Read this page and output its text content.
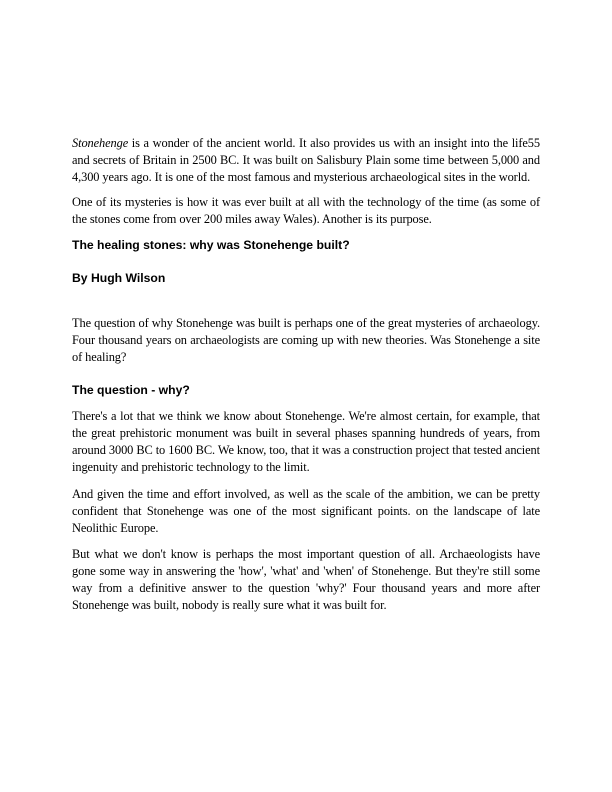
Stonehenge is a wonder of the ancient world. It also provides us with an insight into the life55 and secrets of Britain in 2500 BC. It was built on Salisbury Plain some time between 5,000 and 4,300 years ago. It is one of the most famous and mysterious archaeological sites in the world.
One of its mysteries is how it was ever built at all with the technology of the time (as some of the stones come from over 200 miles away Wales). Another is its purpose.
The healing stones: why was Stonehenge built?
By Hugh Wilson
The question of why Stonehenge was built is perhaps one of the great mysteries of archaeology. Four thousand years on archaeologists are coming up with new theories. Was Stonehenge a site of healing?
The question - why?
There's a lot that we think we know about Stonehenge. We're almost certain, for example, that the great prehistoric monument was built in several phases spanning hundreds of years, from around 3000 BC to 1600 BC. We know, too, that it was a construction project that tested ancient ingenuity and prehistoric technology to the limit.
And given the time and effort involved, as well as the scale of the ambition, we can be pretty confident that Stonehenge was one of the most significant points. on the landscape of late Neolithic Europe.
But what we don't know is perhaps the most important question of all. Archaeologists have gone some way in answering the 'how', 'what' and 'when' of Stonehenge. But they're still some way from a definitive answer to the question 'why?' Four thousand years and more after Stonehenge was built, nobody is really sure what it was built for.
